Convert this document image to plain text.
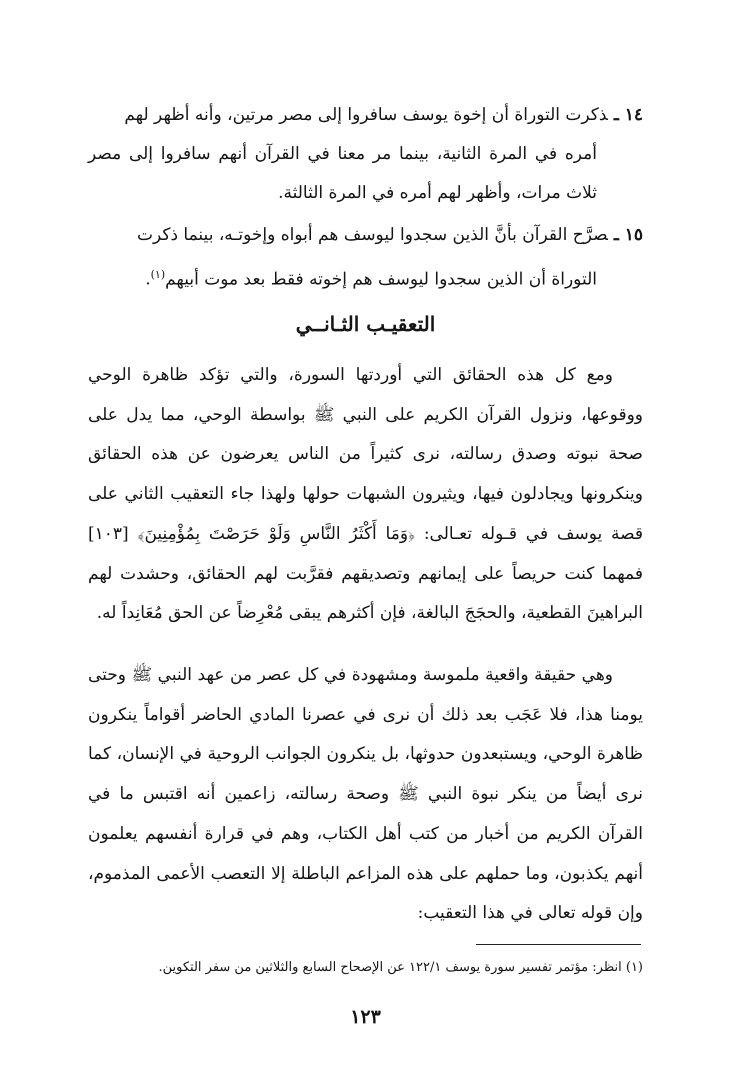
١٤ ـذكرت التوراة أن إخوة يوسف سافروا إلى مصر مرتين، وأنه أظهر لهم
أمره في المرة الثانية، بينما مر معنا في القرآن أنهم سافروا إلى مصر ثلاث مرات، وأظهر لهم أمره في المرة الثالثة.
١٥ ـصرَّح القرآن بأنَّ الذين سجدوا ليوسف هم أبواه وإخوتـه، بينما ذكرت
التوراة أن الذين سجدوا ليوسف هم إخوته فقط بعد موت أبيهم$^{(١)}$.
التعقيـب الثـانــي
ومع كل هذه الحقائق التي أوردتها السورة، والتي تؤكد ظاهرة الوحي ووقوعها، ونزول القرآن الكريم على النبي ﷺ بواسطة الوحي، مما يدل على صحة نبوته وصدق رسالته، نرى كثيراً من الناس يعرضون عن هذه الحقائق وينكرونها ويجادلون فيها، ويثيرون الشبهات حولها ولهذا جاء التعقيب الثاني على قصة يوسف في قـوله تعـالى: ﴿وَمَا أَكْثَرُ النَّاسِ وَلَوْ حَرَصْتَ بِمُؤْمِنِينَ﴾ [١٠٣] فمهما كنت حريصاً على إيمانهم وتصديقهم فقرَّبت لهم الحقائق، وحشدت لهم البراهينَ القطعية، والحجَجَ البالغة، فإن أكثرهم يبقى مُعْرِضاً عن الحق مُعَانِداً له.
وهي حقيقة واقعية ملموسة ومشهودة في كل عصر من عهد النبي ﷺ وحتى يومنا هذا، فلا عَجَب بعد ذلك أن نرى في عصرنا المادي الحاضر أقواماً ينكرون ظاهرة الوحي، ويستبعدون حدوثها، بل ينكرون الجوانب الروحية في الإنسان، كما نرى أيضاً من ينكر نبوة النبي ﷺ وصحة رسالته، زاعمين أنه اقتبس ما في القرآن الكريم من أخبار من كتب أهل الكتاب، وهم في قرارة أنفسهم يعلمون أنهم يكذبون، وما حملهم على هذه المزاعم الباطلة إلا التعصب الأعمى المذموم، وإن قوله تعالى في هذا التعقيب:
(١) انظر: مؤتمر تفسير سورة يوسف ١٢٢/١ عن الإصحاح السابع والثلاثين من سفر التكوين.
١٢٣
